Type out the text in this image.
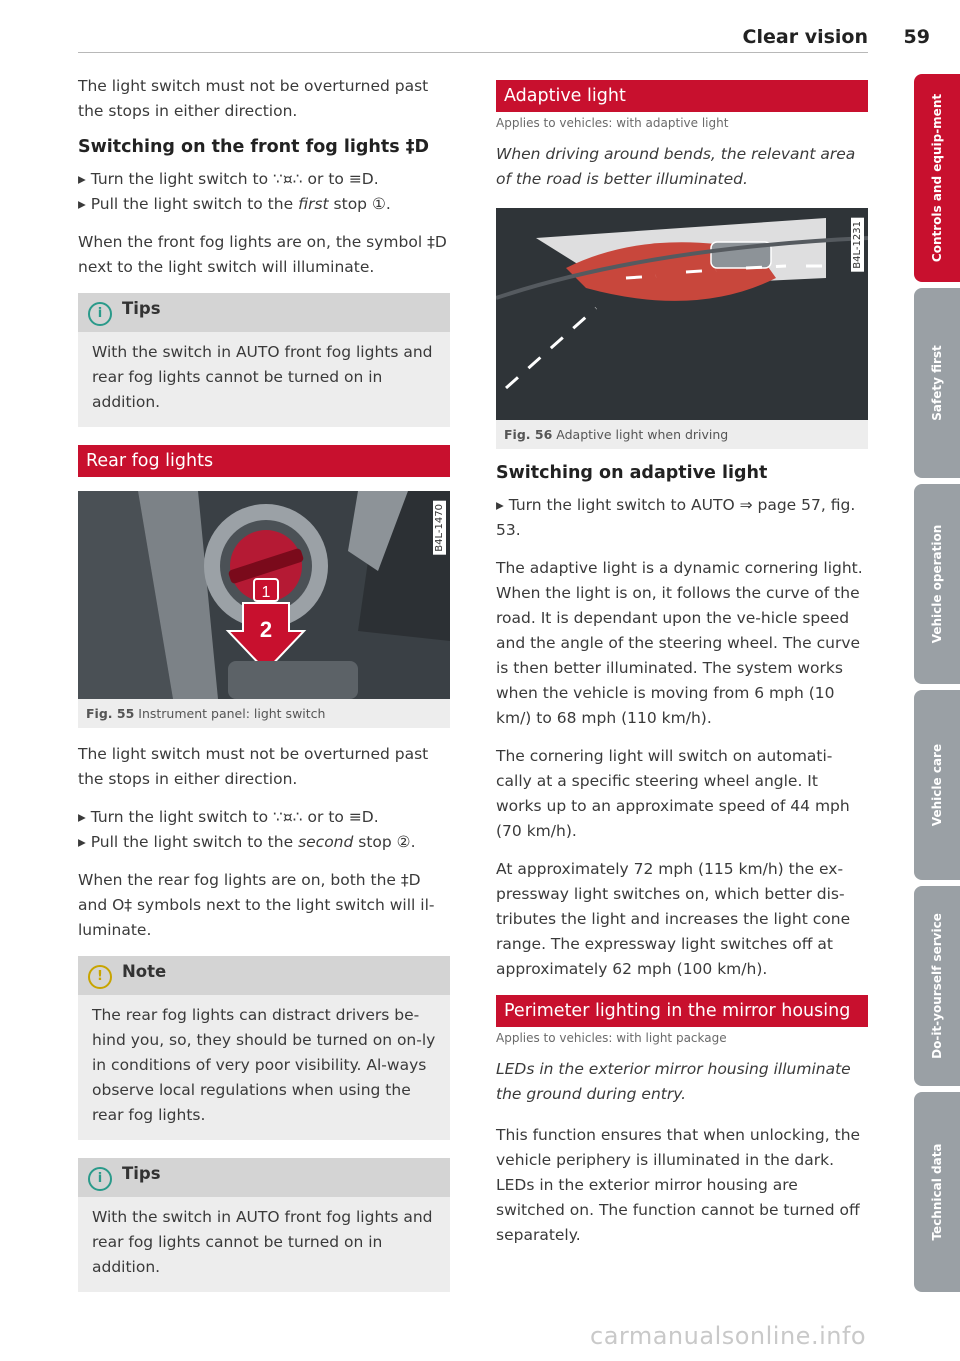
Clear vision 59

The light switch must not be overturned past the stops in either direction.

Switching on the front fog lights ‡D
▸ Turn the light switch to ∵¤∴ or to ≡D.
▸ Pull the light switch to the first stop ①.

When the front fog lights are on, the symbol ‡D next to the light switch will illuminate.

i Tips

With the switch in AUTO front fog lights and rear fog lights cannot be turned on in addition.

Rear fog lights
1
2
B4L-1470
Fig. 55 Instrument panel: light switch

The light switch must not be overturned past the stops in either direction.

▸ Turn the light switch to ∵¤∴ or to ≡D.
▸ Pull the light switch to the second stop ②.

When the rear fog lights are on, both the ‡D and O‡ symbols next to the light switch will il-luminate.

! Note

The rear fog lights can distract drivers be-hind you, so, they should be turned on on-ly in conditions of very poor visibility. Al-ways observe local regulations when using the rear fog lights.

i Tips

With the switch in AUTO front fog lights and rear fog lights cannot be turned on in addition.

Adaptive light
Applies to vehicles: with adaptive light
When driving around bends, the relevant area of the road is better illuminated.
B4L-1231
Fig. 56 Adaptive light when driving
Switching on adaptive light

▸ Turn the light switch to AUTO ⇒ page 57, fig. 53.

The adaptive light is a dynamic cornering light. When the light is on, it follows the curve of the road. It is dependant upon the ve-hicle speed and the angle of the steering wheel. The curve is then better illuminated. The system works when the vehicle is moving from 6 mph (10 km/) to 68 mph (110 km/h).

The cornering light will switch on automati-cally at a specific steering wheel angle. It works up to an approximate speed of 44 mph (70 km/h).

At approximately 72 mph (115 km/h) the ex-pressway light switches on, which better dis-tributes the light and increases the light cone range. The expressway light switches off at approximately 62 mph (100 km/h).

Perimeter lighting in the mirror housing
Applies to vehicles: with light package
LEDs in the exterior mirror housing illuminate the ground during entry.

This function ensures that when unlocking, the vehicle periphery is illuminated in the dark. LEDs in the exterior mirror housing are switched on. The function cannot be turned off separately.

Controls and equip-ment
Safety first
Vehicle operation
Vehicle care
Do-it-yourself service
Technical data
carmanualsonline.info
